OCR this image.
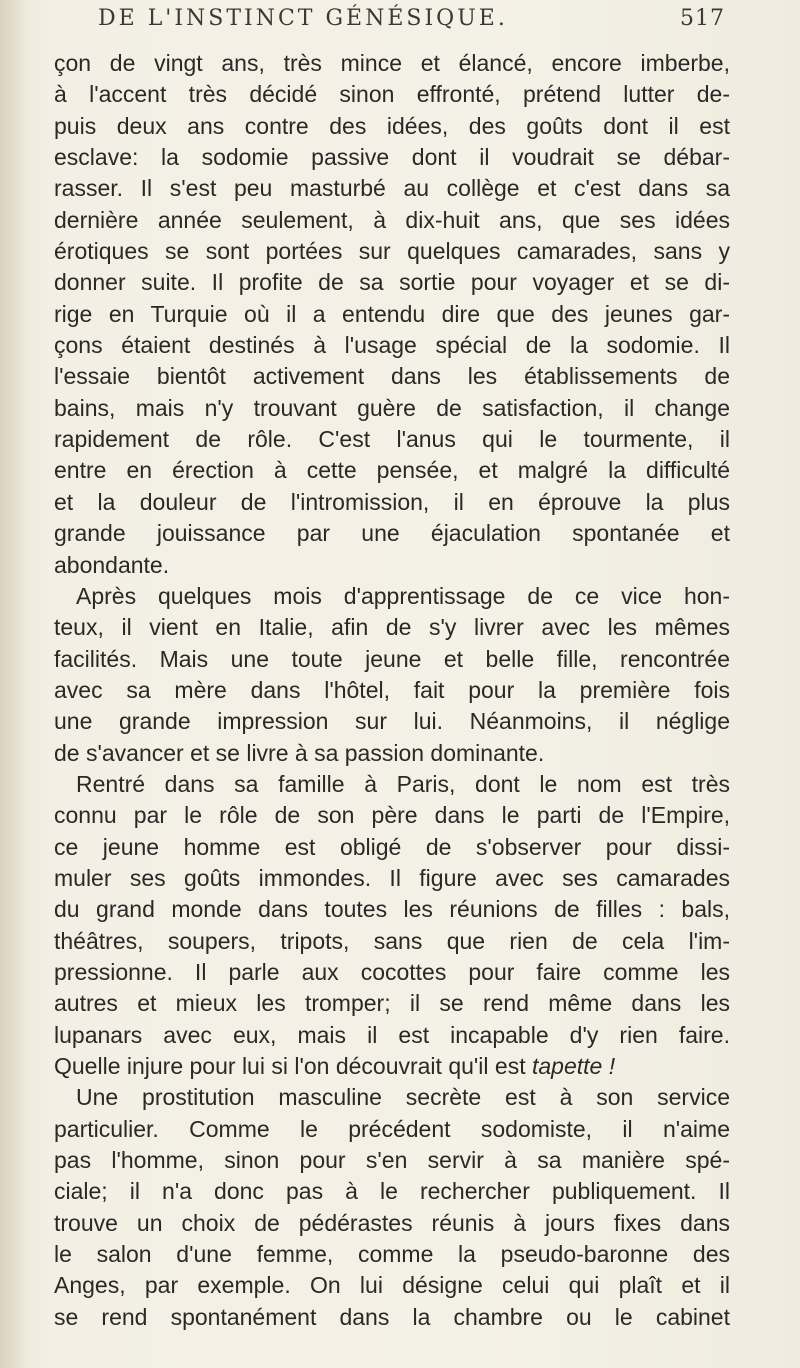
DE L'INSTINCT GÉNÉSIQUE.	517
çon de vingt ans, très mince et élancé, encore imberbe,
à l'accent très décidé sinon effronté, prétend lutter de-
puis deux ans contre des idées, des goûts dont il est
esclave: la sodomie passive dont il voudrait se débar-
rasser. Il s'est peu masturbé au collège et c'est dans sa
dernière année seulement, à dix-huit ans, que ses idées
érotiques se sont portées sur quelques camarades, sans y
donner suite. Il profite de sa sortie pour voyager et se di-
rige en Turquie où il a entendu dire que des jeunes gar-
çons étaient destinés à l'usage spécial de la sodomie. Il
l'essaie bientôt activement dans les établissements de
bains, mais n'y trouvant guère de satisfaction, il change
rapidement de rôle. C'est l'anus qui le tourmente, il
entre en érection à cette pensée, et malgré la difficulté
et la douleur de l'intromission, il en éprouve la plus
grande jouissance par une éjaculation spontanée et
abondante.
Après quelques mois d'apprentissage de ce vice hon-
teux, il vient en Italie, afin de s'y livrer avec les mêmes
facilités. Mais une toute jeune et belle fille, rencontrée
avec sa mère dans l'hôtel, fait pour la première fois
une grande impression sur lui. Néanmoins, il néglige
de s'avancer et se livre à sa passion dominante.
Rentré dans sa famille à Paris, dont le nom est très
connu par le rôle de son père dans le parti de l'Empire,
ce jeune homme est obligé de s'observer pour dissi-
muler ses goûts immondes. Il figure avec ses camarades
du grand monde dans toutes les réunions de filles : bals,
théâtres, soupers, tripots, sans que rien de cela l'im-
pressionne. Il parle aux cocottes pour faire comme les
autres et mieux les tromper; il se rend même dans les
lupanars avec eux, mais il est incapable d'y rien faire.
Quelle injure pour lui si l'on découvrait qu'il est tapette !
Une prostitution masculine secrète est à son service
particulier. Comme le précédent sodomiste, il n'aime
pas l'homme, sinon pour s'en servir à sa manière spé-
ciale; il n'a donc pas à le rechercher publiquement. Il
trouve un choix de pédérastes réunis à jours fixes dans
le salon d'une femme, comme la pseudo-baronne des
Anges, par exemple. On lui désigne celui qui plaît et il
se rend spontanément dans la chambre ou le cabinet
